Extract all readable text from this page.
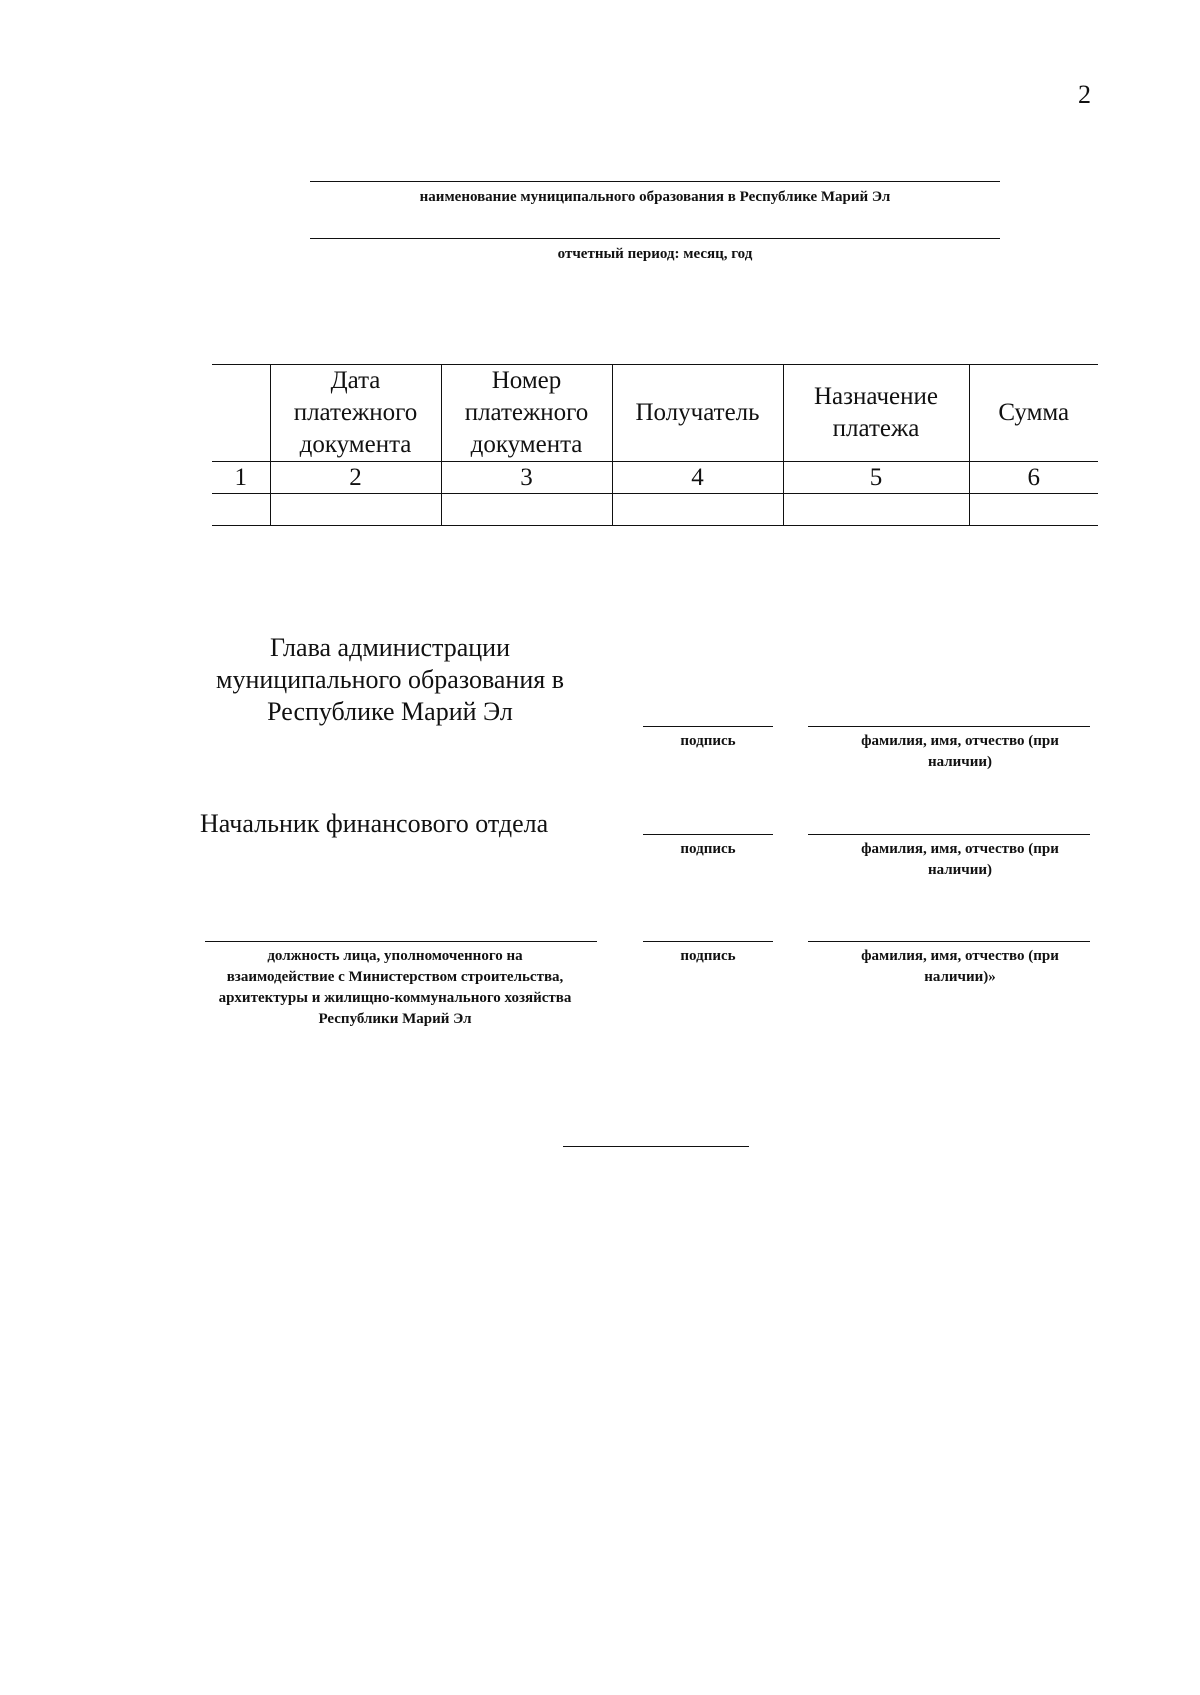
2
наименование муниципального образования в Республике Марий Эл
отчетный период: месяц, год
	Дата платежного документа	Номер платежного документа	Получатель	Назначение платежа	Сумма
1	2	3	4	5	6

Глава администрации муниципального образования в Республике Марий Эл
подпись	фамилия, имя, отчество (при наличии)
Начальник финансового отдела
подпись	фамилия, имя, отчество (при наличии)
должность лица, уполномоченного на взаимодействие с Министерством строительства, архитектуры и жилищно-коммунального хозяйства Республики Марий Эл
подпись	фамилия, имя, отчество (при наличии)»
